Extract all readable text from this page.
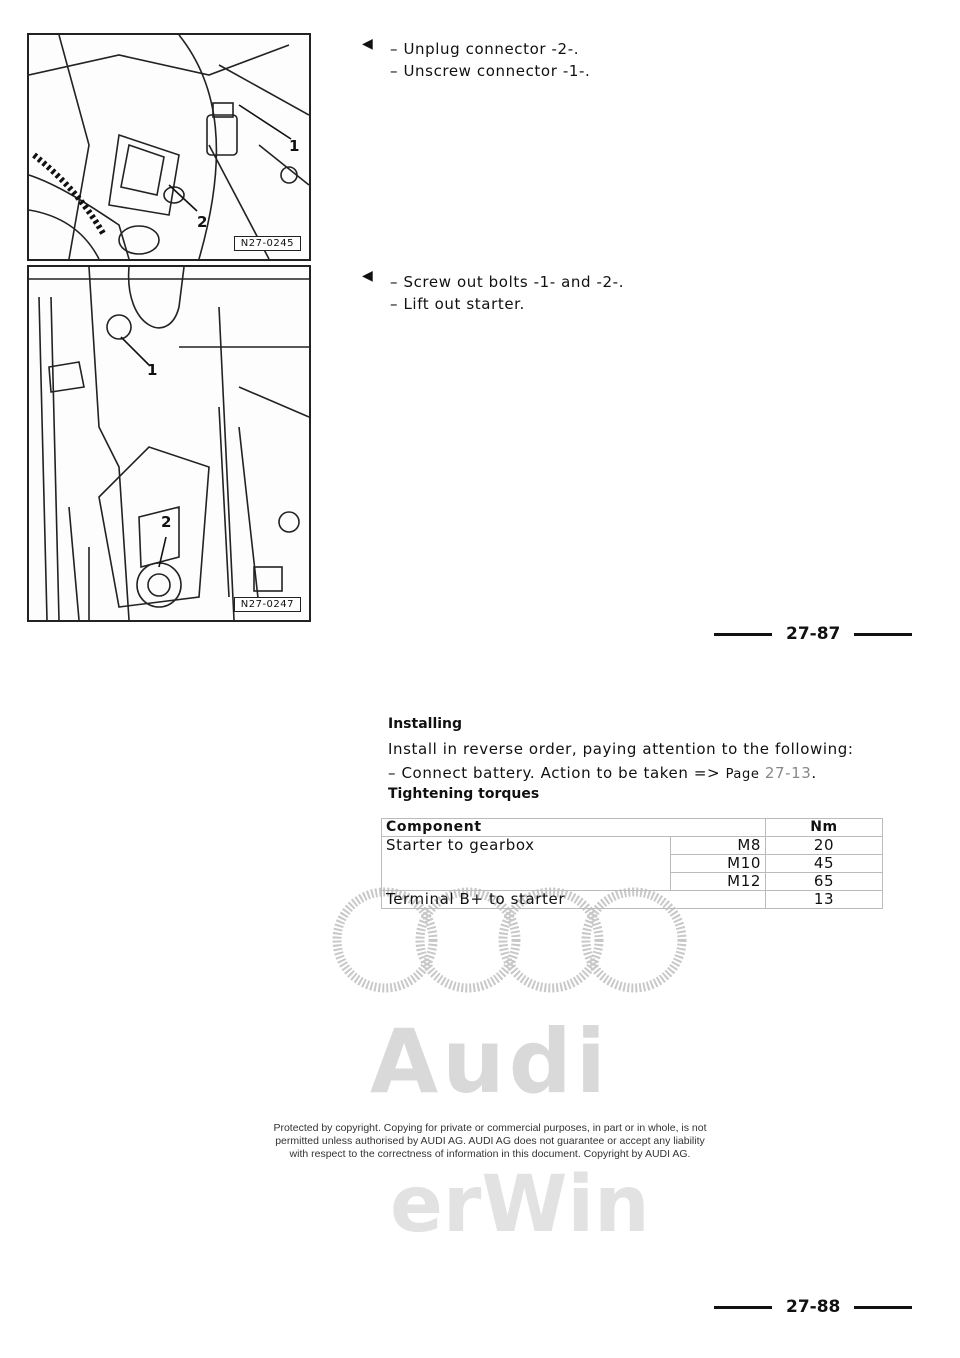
1
2
N27-0245
◀ – Unplug connector -2-.
– Unscrew connector -1-.
1
2
N27-0247
◀ – Screw out bolts -1- and -2-.
– Lift out starter.
27-87
Audi
erWin
Installing
Install in reverse order, paying attention to the following:
– Connect battery. Action to be taken => Page 27-13.
Tightening torques
Component		Nm
Starter to gearbox	M8	20
	M10	45
	M12	65
Terminal B+ to starter		13
Protected by copyright. Copying for private or commercial purposes, in part or in whole, is not
permitted unless authorised by AUDI AG. AUDI AG does not guarantee or accept any liability
with respect to the correctness of information in this document. Copyright by AUDI AG.
27-88
